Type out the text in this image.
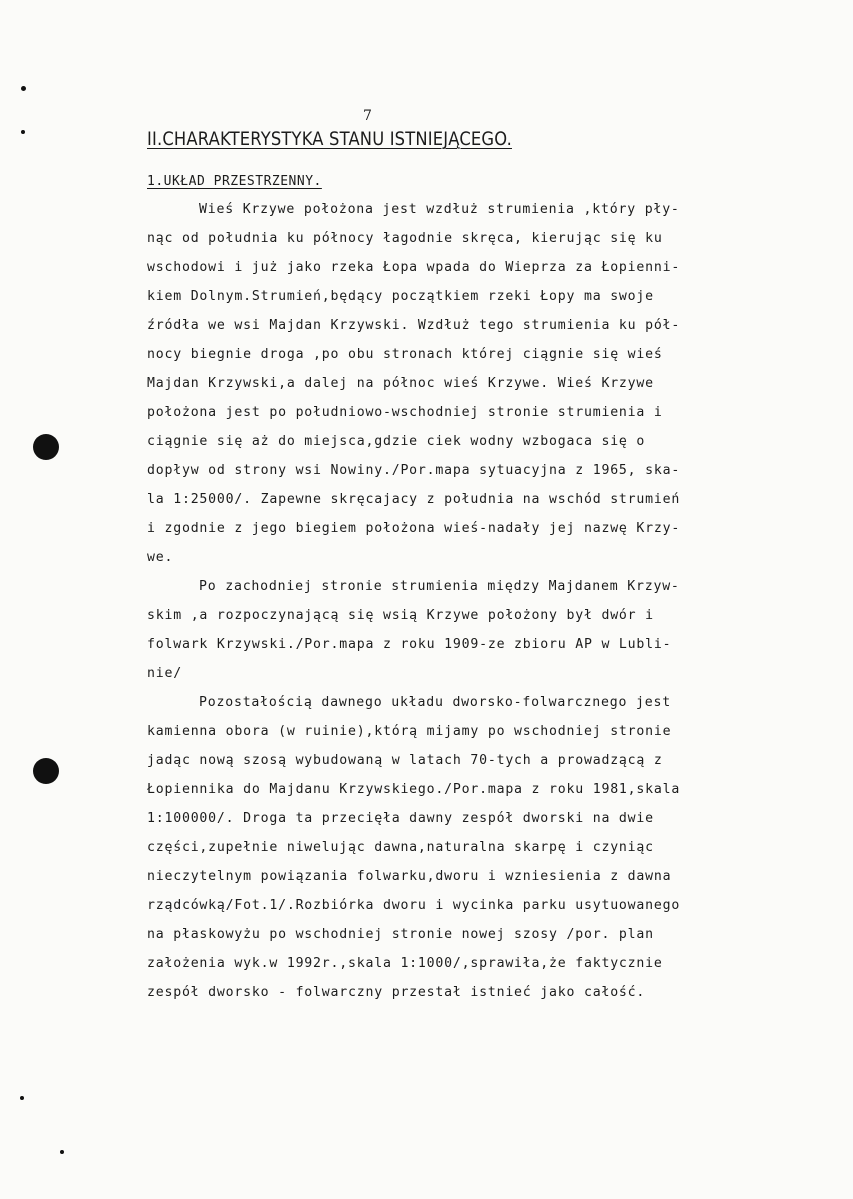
7
II.CHARAKTERYSTYKA STANU ISTNIEJĄCEGO.
1.UKŁAD PRZESTRZENNY.

Wieś Krzywe położona jest wzdłuż strumienia ,który pły-

nąc od południa ku północy łagodnie skręca, kierując się ku

wschodowi i już jako rzeka Łopa wpada do Wieprza za Łopienni-

kiem Dolnym.Strumień,będący początkiem rzeki Łopy ma swoje

źródła we wsi Majdan Krzywski. Wzdłuż tego strumienia ku pół-

nocy biegnie droga ,po obu stronach której ciągnie się wieś

Majdan Krzywski,a dalej na północ wieś Krzywe. Wieś Krzywe

położona jest po południowo-wschodniej stronie strumienia i

ciągnie się aż do miejsca,gdzie ciek wodny wzbogaca się o

dopływ od strony wsi Nowiny./Por.mapa sytuacyjna z 1965, ska-

la 1:25000/. Zapewne skręcajacy z południa na wschód strumień

i zgodnie z jego biegiem położona wieś-nadały jej nazwę Krzy-

we.

Po zachodniej stronie strumienia między Majdanem Krzyw-

skim ,a rozpoczynającą się wsią Krzywe położony był dwór i

folwark Krzywski./Por.mapa z roku 1909-ze zbioru AP w Lubli-

nie/

Pozostałością dawnego układu dworsko-folwarcznego jest

kamienna obora (w ruinie),którą mijamy po wschodniej stronie

jadąc nową szosą wybudowaną w latach 70-tych a prowadzącą z

Łopiennika do Majdanu Krzywskiego./Por.mapa z roku 1981,skala

1:100000/. Droga ta przecięła dawny zespół dworski na dwie

części,zupełnie niwelując dawna,naturalna skarpę i czyniąc

nieczytelnym powiązania folwarku,dworu i wzniesienia z dawna

rządcówką/Fot.1/.Rozbiórka dworu i wycinka parku usytuowanego

na płaskowyżu po wschodniej stronie nowej szosy /por. plan

założenia wyk.w 1992r.,skala 1:1000/,sprawiła,że faktycznie

zespół dworsko - folwarczny przestał istnieć jako całość.
